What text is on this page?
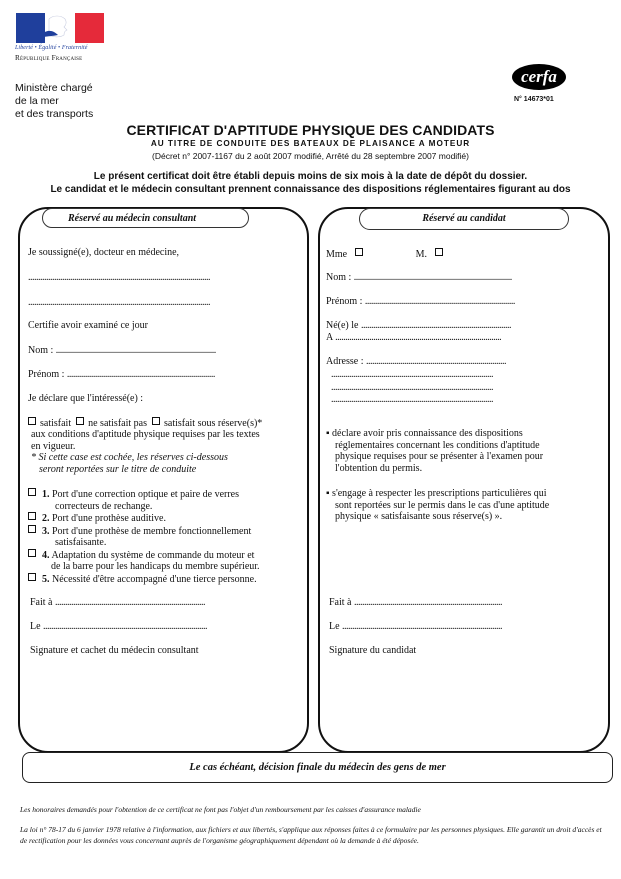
Liberté • Égalité • Fraternité
République Française
Ministère chargé
de la mer
et des transports
cerfa
N° 14673*01
CERTIFICAT D'APTITUDE PHYSIQUE DES CANDIDATS
AU TITRE DE CONDUITE DES BATEAUX DE PLAISANCE A MOTEUR
(Décret n° 2007-1167 du 2 août 2007 modifié, Arrêté du 28 septembre 2007 modifié)
Le présent certificat doit être établi depuis moins de six mois à la date de dépôt du dossier.
Le candidat et le médecin consultant prennent connaissance des dispositions réglementaires figurant au dos
Réservé au médecin consultant	Réservé au candidat
Je soussigné(e), docteur en médecine,
...........................................................................................
...........................................................................................
Certifie avoir examiné ce jour
Nom : ................................................................................
Prénom : ..........................................................................
Je déclare que l'intéressé(e) :
satisfait ne satisfait pas satisfait sous réserve(s)*
aux conditions d'aptitude physique requises par les textes
en vigueur.
* Si cette case est cochée, les réserves ci-dessous
seront reportées sur le titre de conduite
1. Port d'une correction optique et paire de verres
correcteurs de rechange.
2. Port d'une prothèse auditive.
3. Port d'une prothèse de membre fonctionnellement
satisfaisante.
4. Adaptation du système de commande du moteur et
de la barre pour les handicaps du membre supérieur.
5. Nécessité d'être accompagné d'une tierce personne.
Fait à ...........................................................................
Le ..................................................................................
Signature et cachet du médecin consultant
Mme	M.
Nom : ...............................................................................
Prénom : ...........................................................................
Né(e) le ...........................................................................
A ...................................................................................
Adresse : ......................................................................
.................................................................................
.................................................................................
.................................................................................
▪ déclare avoir pris connaissance des dispositions
réglementaires concernant les conditions d'aptitude
physique requises pour se présenter à l'examen pour
l'obtention du permis.
▪ s'engage à respecter les prescriptions particulières qui
sont reportées sur le permis dans le cas d'une aptitude
physique « satisfaisante sous réserve(s) ».
Fait à ..........................................................................
Le ................................................................................
Signature du candidat
Le cas échéant, décision finale du médecin des gens de mer
Les honoraires demandés pour l'obtention de ce certificat ne font pas l'objet d'un remboursement par les caisses d'assurance maladie
La loi n° 78-17 du 6 janvier 1978 relative à l'information, aux fichiers et aux libertés, s'applique aux réponses faites à ce formulaire par les personnes physiques. Elle garantit un droit d'accès et de rectification pour les données vous concernant auprès de l'organisme géographiquement dépendant où la demande à été déposée.
